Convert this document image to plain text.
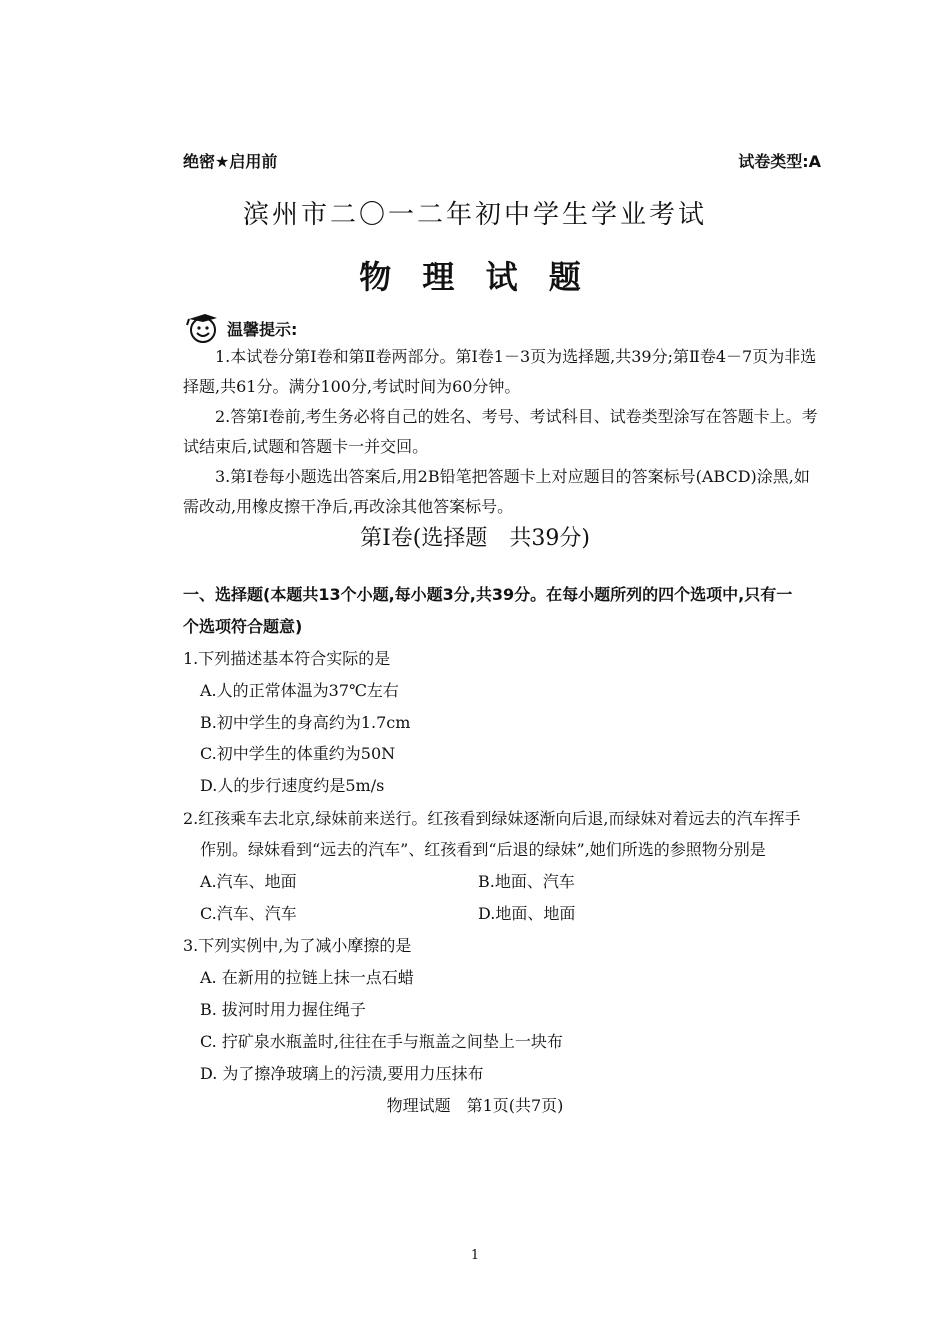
绝密★启用前	试卷类型:A
滨州市二〇一二年初中学生学业考试
物 理 试 题
温馨提示:
1.本试卷分第Ⅰ卷和第Ⅱ卷两部分。第Ⅰ卷1－3页为选择题,共39分;第Ⅱ卷4－7页为非选择题,共61分。满分100分,考试时间为60分钟。
2.答第Ⅰ卷前,考生务必将自己的姓名、考号、考试科目、试卷类型涂写在答题卡上。考试结束后,试题和答题卡一并交回。
3.第Ⅰ卷每小题选出答案后,用2B铅笔把答题卡上对应题目的答案标号(ABCD)涂黑,如需改动,用橡皮擦干净后,再改涂其他答案标号。
第Ⅰ卷(选择题　共39分)
一、选择题(本题共13个小题,每小题3分,共39分。在每小题所列的四个选项中,只有一
个选项符合题意)
1.下列描述基本符合实际的是
A.人的正常体温为37℃左右
B.初中学生的身高约为1.7cm
C.初中学生的体重约为50N
D.人的步行速度约是5m/s
2.红孩乘车去北京,绿妹前来送行。红孩看到绿妹逐渐向后退,而绿妹对着远去的汽车挥手
作别。绿妹看到“远去的汽车”、红孩看到“后退的绿妹”,她们所选的参照物分别是
A.汽车、地面	B.地面、汽车
C.汽车、汽车	D.地面、地面
3.下列实例中,为了减小摩擦的是
A. 在新用的拉链上抹一点石蜡
B. 拔河时用力握住绳子
C. 拧矿泉水瓶盖时,往往在手与瓶盖之间垫上一块布
D. 为了擦净玻璃上的污渍,要用力压抹布
物理试题　第1页(共7页)
1
